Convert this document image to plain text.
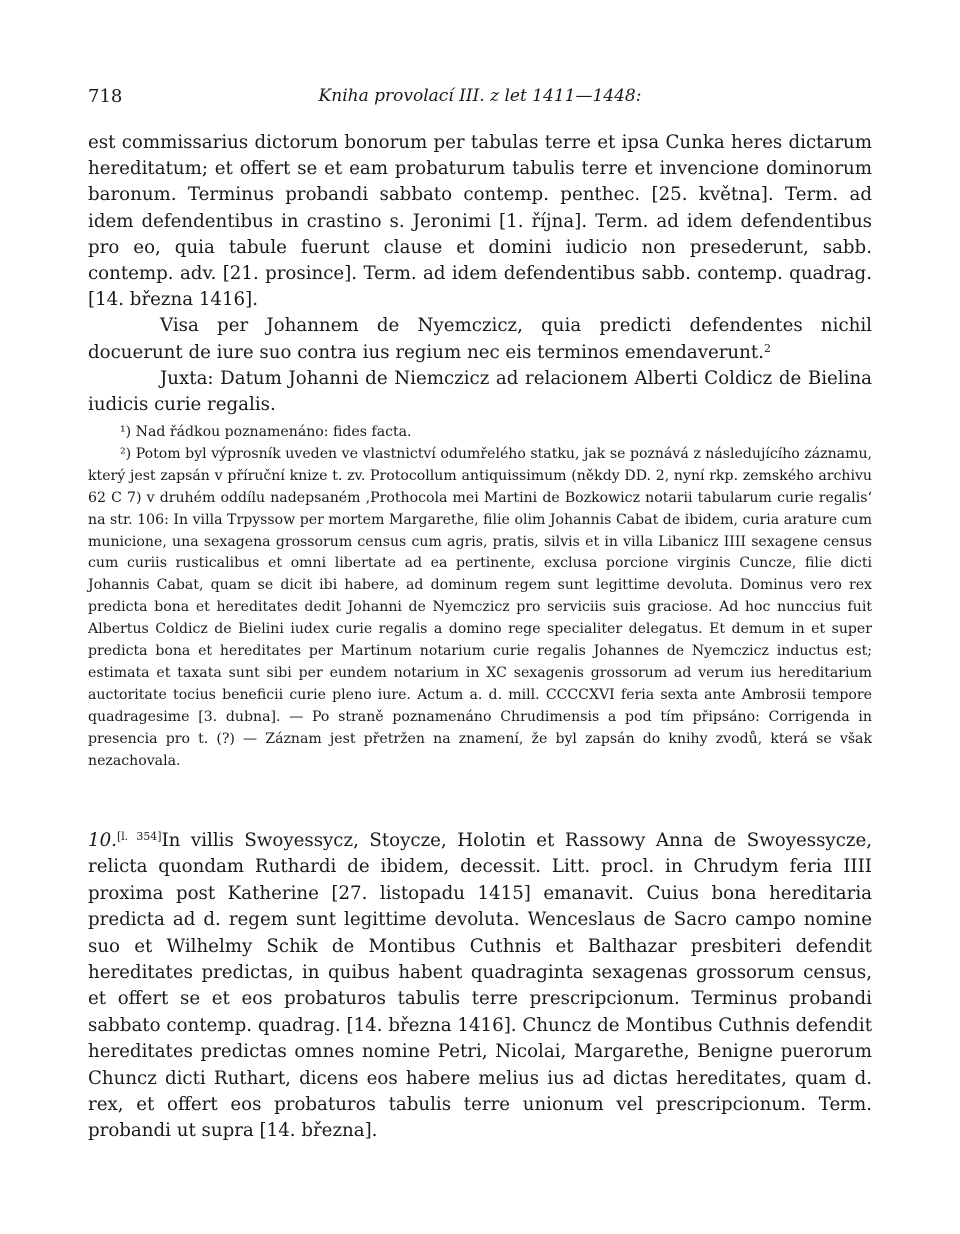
718	Kniha provolací III. z let 1411—1448:

est commissarius dictorum bonorum per tabulas terre et ipsa Cunka heres dictarum hereditatum; et offert se et eam probaturum tabulis terre et invencione dominorum baronum. Terminus probandi sabbato contemp. penthec. [25. května]. Term. ad idem defendentibus in crastino s. Jeronimi [1. října]. Term. ad idem defendentibus pro eo, quia tabule fuerunt clause et domini iudicio non presederunt, sabb. contemp. adv. [21. prosince]. Term. ad idem defendentibus sabb. contemp. quadrag. [14. března 1416].

Visa per Johannem de Nyemczicz, quia predicti defendentes nichil docuerunt de iure suo contra ius regium nec eis terminos emendaverunt.$^2$

Juxta: Datum Johanni de Niemczicz ad relacionem Alberti Coldicz de Bielina iudicis curie regalis.

¹) Nad řádkou poznamenáno: fides facta.

²) Potom byl výprosník uveden ve vlastnictví odumřelého statku, jak se poznává z následujícího záznamu, který jest zapsán v příruční knize t. zv. Protocollum antiquissimum (někdy DD. 2, nyní rkp. zemského archivu 62 C 7) v druhém oddílu nadepsaném ,Prothocola mei Martini de Bozkowicz notarii tabularum curie regalis‘ na str. 106: In villa Trpyssow per mortem Margarethe, filie olim Johannis Cabat de ibidem, curia arature cum municione, una sexagena grossorum census cum agris, pratis, silvis et in villa Libanicz IIII sexagene census cum curiis rusticalibus et omni libertate ad ea pertinente, exclusa porcione virginis Cuncze, filie dicti Johannis Cabat, quam se dicit ibi habere, ad dominum regem sunt legittime devoluta. Dominus vero rex predicta bona et hereditates dedit Johanni de Nyemczicz pro serviciis suis graciose. Ad hoc nunccius fuit Albertus Coldicz de Bielini iudex curie regalis a domino rege specialiter delegatus. Et demum in et super predicta bona et hereditates per Martinum notarium curie regalis Johannes de Nyemczicz inductus est; estimata et taxata sunt sibi per eundem notarium in XC sexagenis grossorum ad verum ius hereditarium auctoritate tocius beneficii curie pleno iure. Actum a. d. mill. CCCCXVI feria sexta ante Ambrosii tempore quadragesime [3. dubna]. — Po straně poznamenáno Chrudimensis a pod tím připsáno: Corrigenda in presencia pro t. (?) — Záznam jest přetržen na znamení, že byl zapsán do knihy zvodů, která se však nezachovala.

10.[l. 354]In villis Swoyessycz, Stoycze, Holotin et Rassowy Anna de Swoyessycze, relicta quondam Ruthardi de ibidem, decessit. Litt. procl. in Chrudym feria IIII proxima post Katherine [27. listopadu 1415] emanavit. Cuius bona hereditaria predicta ad d. regem sunt legittime devoluta. Wenceslaus de Sacro campo nomine suo et Wilhelmy Schik de Montibus Cuthnis et Balthazar presbiteri defendit hereditates predictas, in quibus habent quadraginta sexagenas grossorum census, et offert se et eos probaturos tabulis terre prescripcionum. Terminus probandi sabbato contemp. quadrag. [14. března 1416]. Chuncz de Montibus Cuthnis defendit hereditates predictas omnes nomine Petri, Nicolai, Margarethe, Benigne puerorum Chuncz dicti Ruthart, dicens eos habere melius ius ad dictas hereditates, quam d. rex, et offert eos probaturos tabulis terre unionum vel prescripcionum. Term. probandi ut supra [14. března].
